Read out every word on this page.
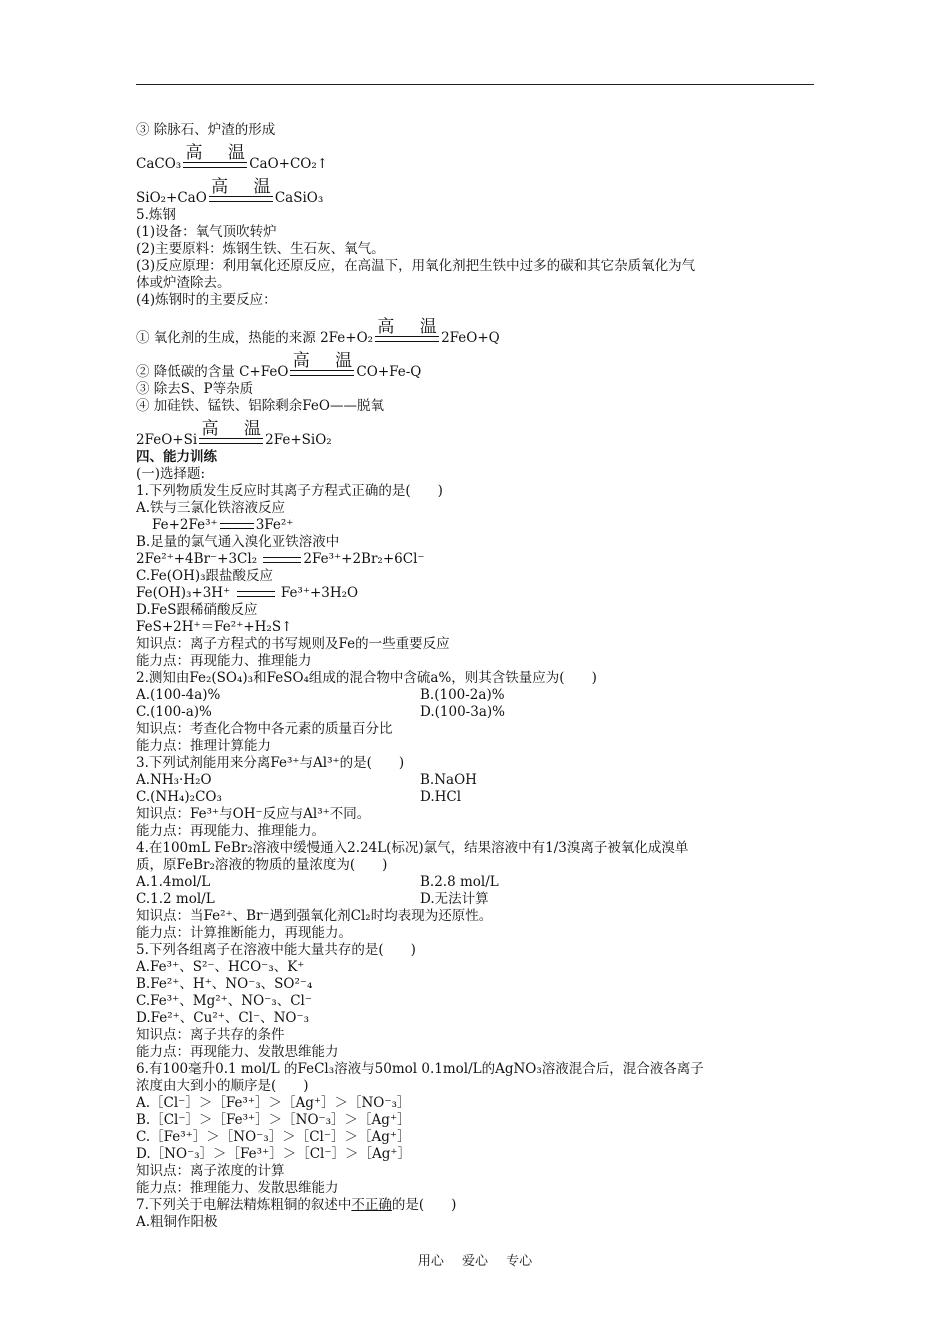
③ 除脉石、炉渣的形成
CaCO₃
高 温
CaO+CO₂↑
SiO₂+CaO
高 温
CaSiO₃
5.炼钢
(1)设备：氧气顶吹转炉
(2)主要原料：炼钢生铁、生石灰、氧气。
(3)反应原理：利用氧化还原反应，在高温下，用氧化剂把生铁中过多的碳和其它杂质氧化为气
体或炉渣除去。
(4)炼钢时的主要反应：
① 氧化剂的生成，热能的来源 2Fe+O₂
高 温
2FeO+Q
② 降低碳的含量 C+FeO
高 温
CO+Fe-Q
③ 除去S、P等杂质
④ 加硅铁、锰铁、铝除剩余FeO——脱氧
2FeO+Si
高 温
2Fe+SiO₂
四、能力训练
(一)选择题:
1.下列物质发生反应时其离子方程式正确的是(　　)
A.铁与三氯化铁溶液反应
Fe+2Fe³⁺	3Fe²⁺
B.足量的氯气通入溴化亚铁溶液中
2Fe²⁺+4Br⁻+3Cl₂	2Fe³⁺+2Br₂+6Cl⁻
C.Fe(OH)₃跟盐酸反应
Fe(OH)₃+3H⁺	Fe³⁺+3H₂O
D.FeS跟稀硝酸反应
FeS+2H⁺＝Fe²⁺+H₂S↑
知识点：离子方程式的书写规则及Fe的一些重要反应
能力点：再现能力、推理能力
2.测知由Fe₂(SO₄)₃和FeSO₄组成的混合物中含硫a%，则其含铁量应为(　　)
A.(100-4a)%	B.(100-2a)%
C.(100-a)%	D.(100-3a)%
知识点：考查化合物中各元素的质量百分比
能力点：推理计算能力
3.下列试剂能用来分离Fe³⁺与Al³⁺的是(　　)
A.NH₃·H₂O	B.NaOH
C.(NH₄)₂CO₃	D.HCl
知识点：Fe³⁺与OH⁻反应与Al³⁺不同。
能力点：再现能力、推理能力。
4.在100mL FeBr₂溶液中缓慢通入2.24L(标况)氯气，结果溶液中有1/3溴离子被氧化成溴单
质，原FeBr₂溶液的物质的量浓度为(　　)
A.1.4mol/L	B.2.8 mol/L
C.1.2 mol/L	D.无法计算
知识点：当Fe²⁺、Br⁻遇到强氧化剂Cl₂时均表现为还原性。
能力点：计算推断能力，再现能力。
5.下列各组离子在溶液中能大量共存的是(　　)
A.Fe³⁺、S²⁻、HCO⁻₃、K⁺
B.Fe²⁺、H⁺、NO⁻₃、SO²⁻₄
C.Fe³⁺、Mg²⁺、NO⁻₃、Cl⁻
D.Fe²⁺、Cu²⁺、Cl⁻、NO⁻₃
知识点：离子共存的条件
能力点：再现能力、发散思维能力
6.有100毫升0.1 mol/L 的FeCl₃溶液与50mol 0.1mol/L的AgNO₃溶液混合后，混合液各离子
浓度由大到小的顺序是(　　)
A.［Cl⁻］＞［Fe³⁺］＞［Ag⁺］＞［NO⁻₃］
B.［Cl⁻］＞［Fe³⁺］＞［NO⁻₃］＞［Ag⁺］
C.［Fe³⁺］＞［NO⁻₃］＞［Cl⁻］＞［Ag⁺］
D.［NO⁻₃］＞［Fe³⁺］＞［Cl⁻］＞［Ag⁺］
知识点：离子浓度的计算
能力点：推理能力、发散思维能力
7.下列关于电解法精炼粗铜的叙述中不正确的是(　　)
A.粗铜作阳极
用心 爱心 专心
